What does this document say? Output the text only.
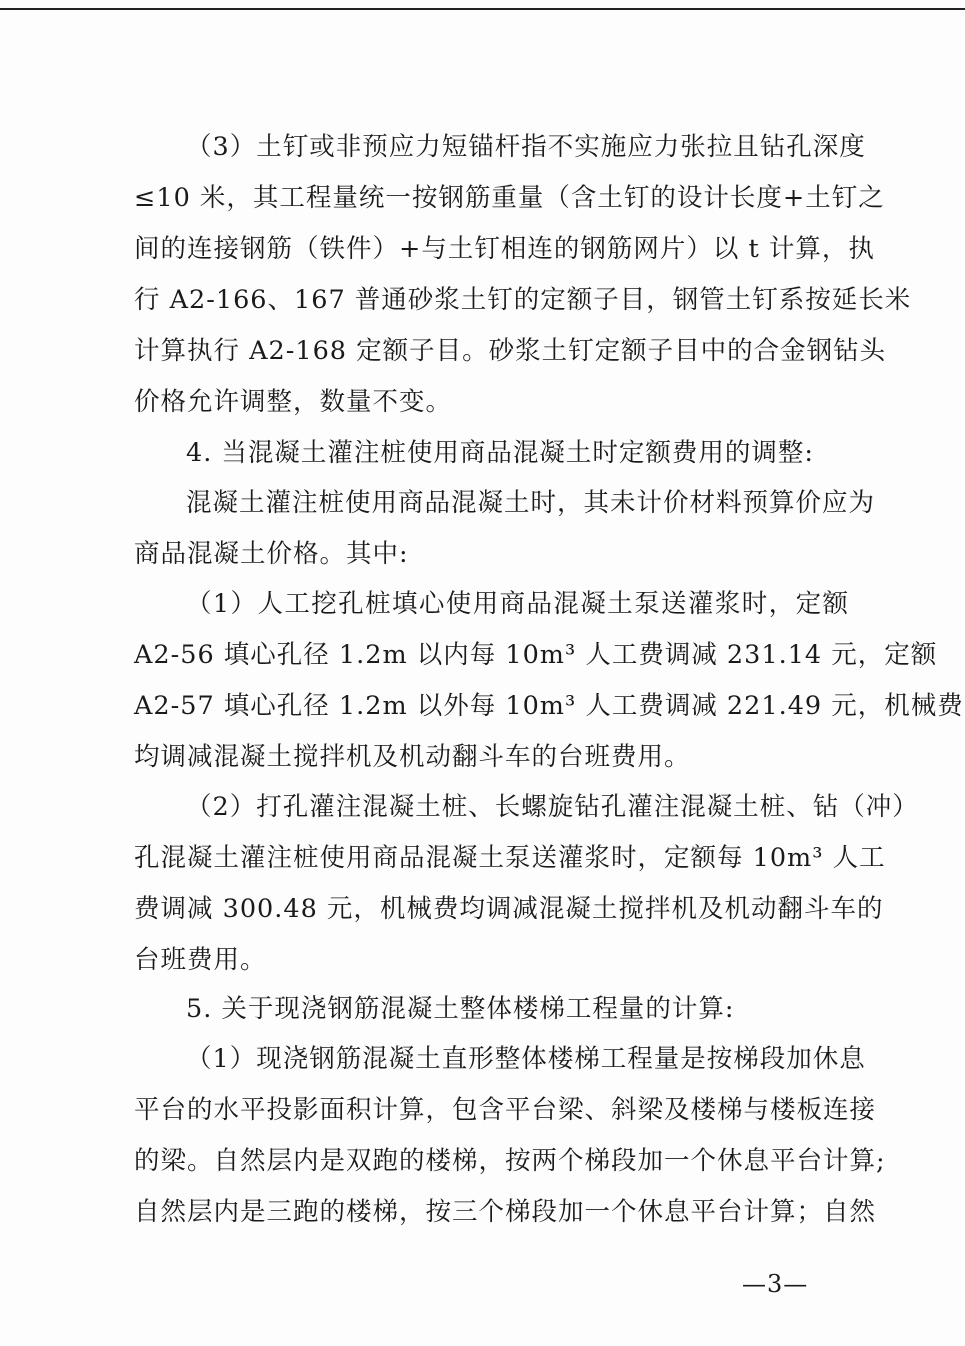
（3）土钉或非预应力短锚杆指不实施应力张拉且钻孔深度
≤10 米，其工程量统一按钢筋重量（含土钉的设计长度+土钉之
间的连接钢筋（铁件）+与土钉相连的钢筋网片）以 t 计算，执
行 A2-166、167 普通砂浆土钉的定额子目，钢管土钉系按延长米
计算执行 A2-168 定额子目。砂浆土钉定额子目中的合金钢钻头
价格允许调整，数量不变。
4. 当混凝土灌注桩使用商品混凝土时定额费用的调整:
混凝土灌注桩使用商品混凝土时，其未计价材料预算价应为
商品混凝土价格。其中:
（1）人工挖孔桩填心使用商品混凝土泵送灌浆时，定额
A2-56 填心孔径 1.2m 以内每 10m³ 人工费调减 231.14 元，定额
A2-57 填心孔径 1.2m 以外每 10m³ 人工费调减 221.49 元，机械费
均调减混凝土搅拌机及机动翻斗车的台班费用。
（2）打孔灌注混凝土桩、长螺旋钻孔灌注混凝土桩、钻（冲）
孔混凝土灌注桩使用商品混凝土泵送灌浆时，定额每 10m³ 人工
费调减 300.48 元，机械费均调减混凝土搅拌机及机动翻斗车的
台班费用。
5. 关于现浇钢筋混凝土整体楼梯工程量的计算:
（1）现浇钢筋混凝土直形整体楼梯工程量是按梯段加休息
平台的水平投影面积计算，包含平台梁、斜梁及楼梯与楼板连接
的梁。自然层内是双跑的楼梯，按两个梯段加一个休息平台计算;
自然层内是三跑的楼梯，按三个梯段加一个休息平台计算；自然
—3—
